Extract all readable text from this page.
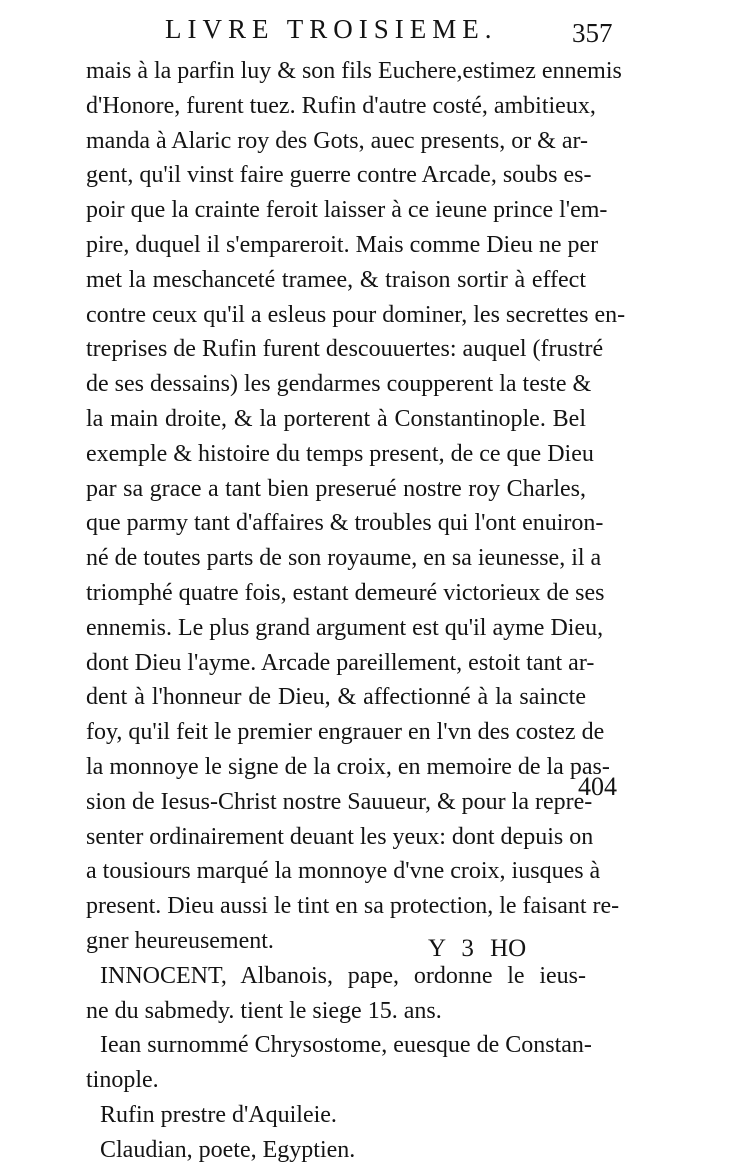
LIVRE TROISIEME.	357
mais à la parfin luy & son fils Euchere,estimez ennemis
d'Honore, furent tuez. Rufin d'autre costé, ambitieux,
manda à Alaric roy des Gots, auec presents, or & ar-
gent, qu'il vinst faire guerre contre Arcade, soubs es-
poir que la crainte feroit laisser à ce ieune prince l'em-
pire, duquel il s'empareroit. Mais comme Dieu ne per
met la meschanceté tramee, & traison sortir à effect
contre ceux qu'il a esleus pour dominer, les secrettes en-
treprises de Rufin furent descouuertes: auquel (frustré
de ses dessains) les gendarmes coupperent la teste &
la main droite, & la porterent à Constantinople. Bel
exemple & histoire du temps present, de ce que Dieu
par sa grace a tant bien preserué nostre roy Charles,
que parmy tant d'affaires & troubles qui l'ont enuiron-
né de toutes parts de son royaume, en sa ieunesse, il a
triomphé quatre fois, estant demeuré victorieux de ses
ennemis. Le plus grand argument est qu'il ayme Dieu,
dont Dieu l'ayme. Arcade pareillement, estoit tant ar-
dent à l'honneur de Dieu, & affectionné à la saincte
foy, qu'il feit le premier engrauer en l'vn des costez de
la monnoye le signe de la croix, en memoire de la pas-
sion de Iesus-Christ nostre Sauueur, & pour la repre-
senter ordinairement deuant les yeux: dont depuis on
a tousiours marqué la monnoye d'vne croix, iusques à
present. Dieu aussi le tint en sa protection, le faisant re-
gner heureusement.
INNOCENT, Albanois, pape, ordonne le ieus-
ne du sabmedy. tient le siege 15. ans.
Iean surnommé Chrysostome, euesque de Constan-
tinople.
Rufin prestre d'Aquileie.
Claudian, poete, Egyptien.
404
Y 3 HO
